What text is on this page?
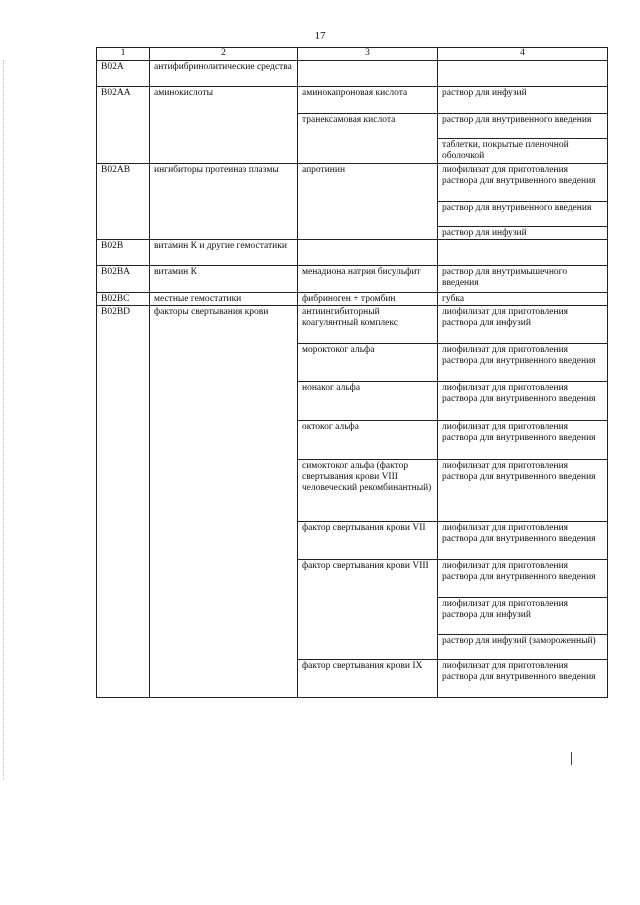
17
1	2	3	4
B02A	антифибринолитические средства		
B02AA	аминокислоты	аминокапроновая кислота	раствор для инфузий
		транексамовая кислота	раствор для внутривенного введения
			таблетки, покрытые пленочной оболочкой
B02AB	ингибиторы протеиназ плазмы	апротинин	лиофилизат для приготовления раствора для внутривенного введения
			раствор для внутривенного введения
			раствор для инфузий
B02B	витамин К и другие гемостатики		
B02BA	витамин К	менадиона натрия бисульфит	раствор для внутримышечного введения
B02BC	местные гемостатики	фибриноген + тромбин	губка
B02BD	факторы свертывания крови	антиингибиторный коагулянтный комплекс	лиофилизат для приготовления раствора для инфузий
		мороктоког альфа	лиофилизат для приготовления раствора для внутривенного введения
		нонаког альфа	лиофилизат для приготовления раствора для внутривенного введения
		октоког альфа	лиофилизат для приготовления раствора для внутривенного введения
		симоктоког альфа (фактор свертывания крови VIII человеческий рекомбинантный)	лиофилизат для приготовления раствора для внутривенного введения
		фактор свертывания крови VII	лиофилизат для приготовления раствора для внутривенного введения
		фактор свертывания крови VIII	лиофилизат для приготовления раствора для внутривенного введения
			лиофилизат для приготовления раствора для инфузий
			раствор для инфузий (замороженный)
		фактор свертывания крови IX	лиофилизат для приготовления раствора для внутривенного введения
